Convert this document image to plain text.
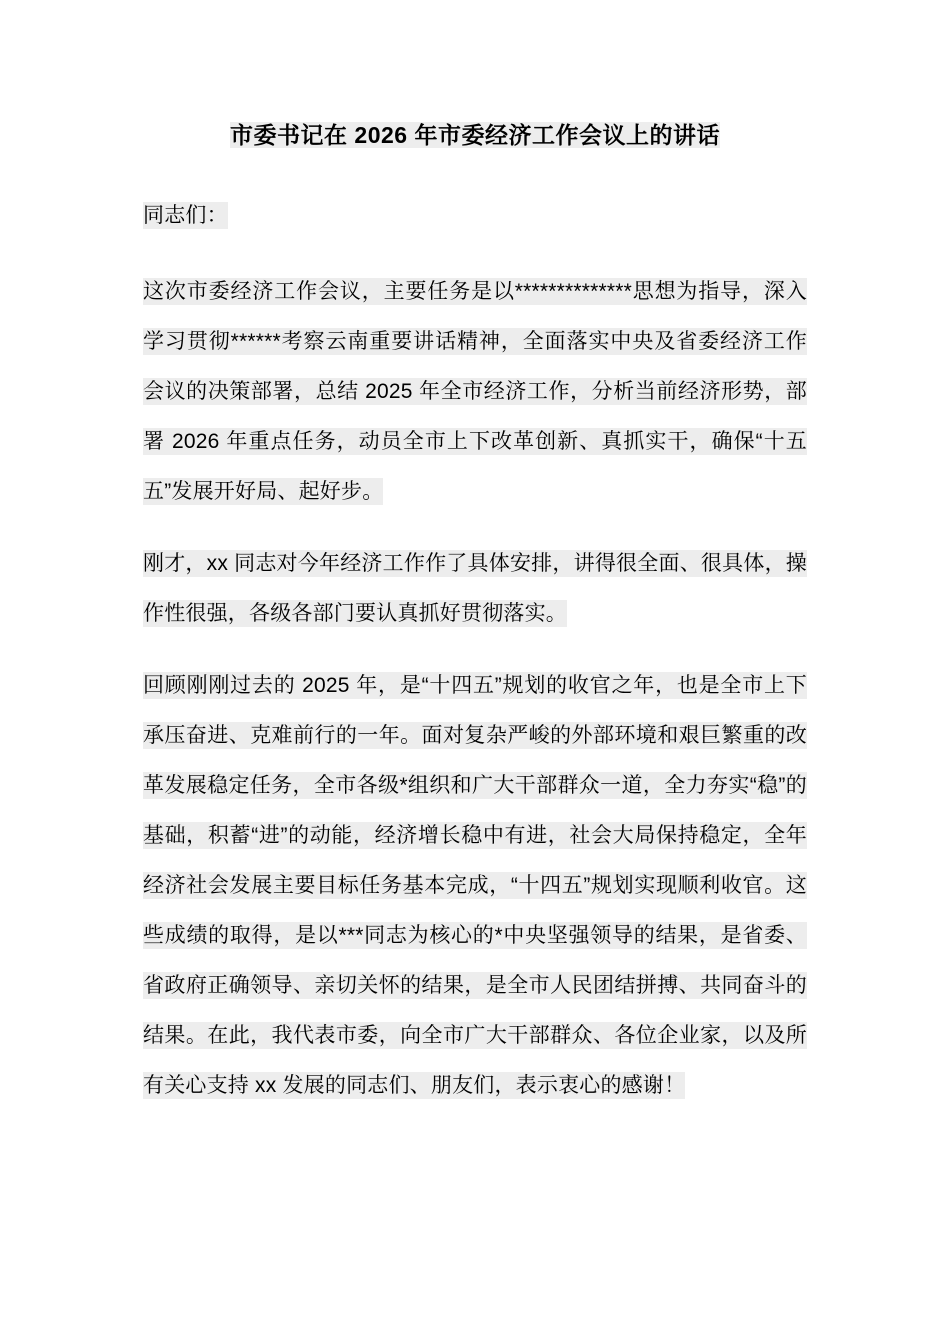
市委书记在 2026 年市委经济工作会议上的讲话

同志们：

这次市委经济工作会议，主要任务是以**************思想为指导，深入学习贯彻******考察云南重要讲话精神，全面落实中央及省委经济工作会议的决策部署，总结 2025 年全市经济工作，分析当前经济形势，部署 2026 年重点任务，动员全市上下改革创新、真抓实干，确保“十五五”发展开好局、起好步。

刚才，xx 同志对今年经济工作作了具体安排，讲得很全面、很具体，操作性很强，各级各部门要认真抓好贯彻落实。

回顾刚刚过去的 2025 年，是“十四五”规划的收官之年，也是全市上下承压奋进、克难前行的一年。面对复杂严峻的外部环境和艰巨繁重的改革发展稳定任务，全市各级*组织和广大干部群众一道，全力夯实“稳”的基础，积蓄“进”的动能，经济增长稳中有进，社会大局保持稳定，全年经济社会发展主要目标任务基本完成，“十四五”规划实现顺利收官。这些成绩的取得，是以***同志为核心的*中央坚强领导的结果，是省委、省政府正确领导、亲切关怀的结果，是全市人民团结拼搏、共同奋斗的结果。在此，我代表市委，向全市广大干部群众、各位企业家，以及所有关心支持 xx 发展的同志们、朋友们，表示衷心的感谢！
